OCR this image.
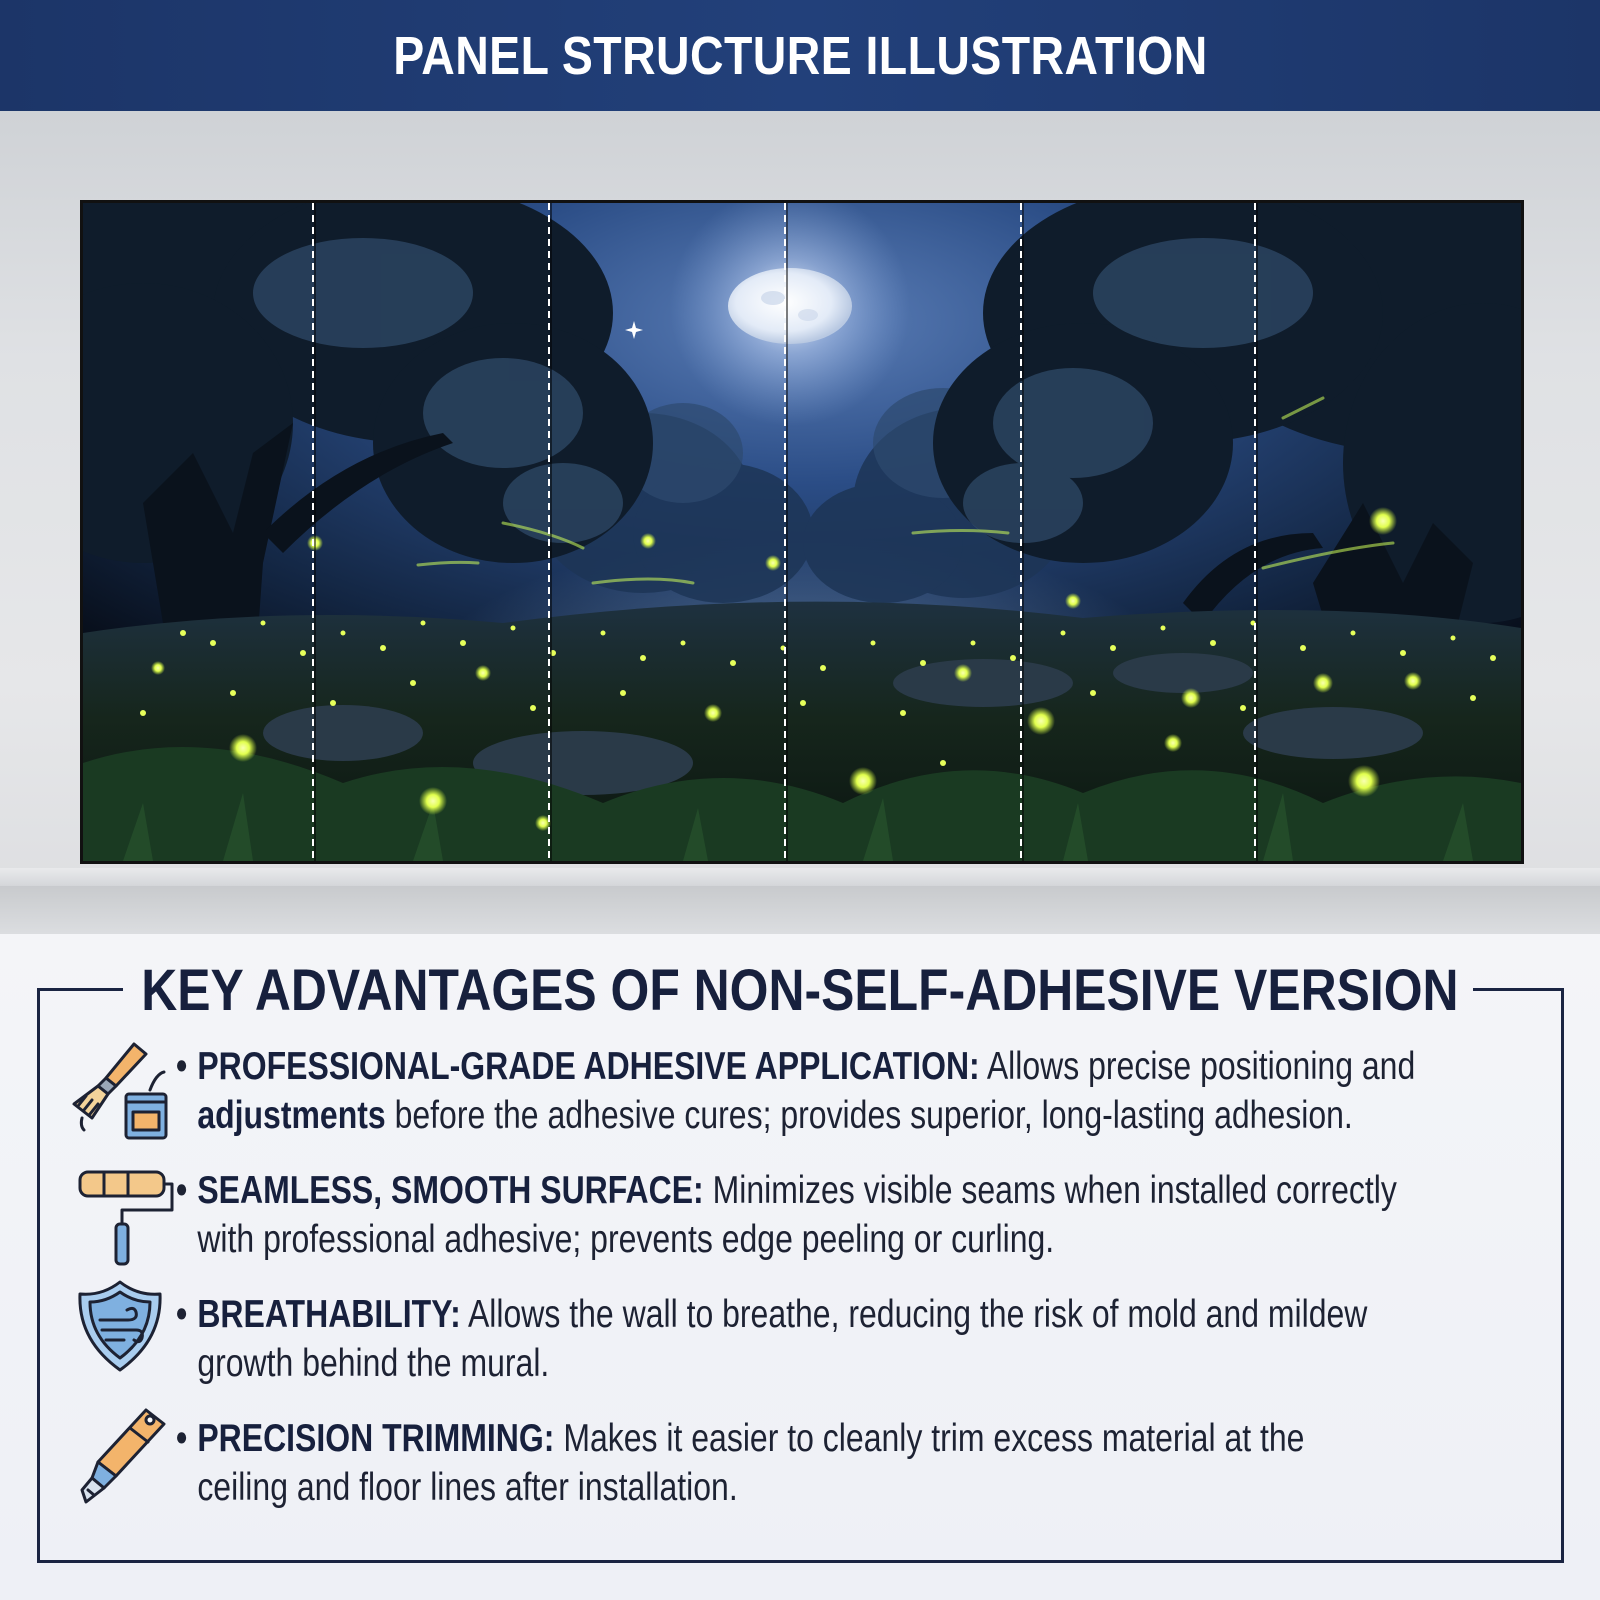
PANEL STRUCTURE ILLUSTRATION
KEY ADVANTAGES OF NON-SELF-ADHESIVE VERSION
• PROFESSIONAL-GRADE ADHESIVE APPLICATION: Allows precise positioning and
adjustments before the adhesive cures; provides superior, long-lasting adhesion.
• SEAMLESS, SMOOTH SURFACE: Minimizes visible seams when installed correctly
with professional adhesive; prevents edge peeling or curling.
• BREATHABILITY: Allows the wall to breathe, reducing the risk of mold and mildew
growth behind the mural.
• PRECISION TRIMMING: Makes it easier to cleanly trim excess material at the
ceiling and floor lines after installation.
